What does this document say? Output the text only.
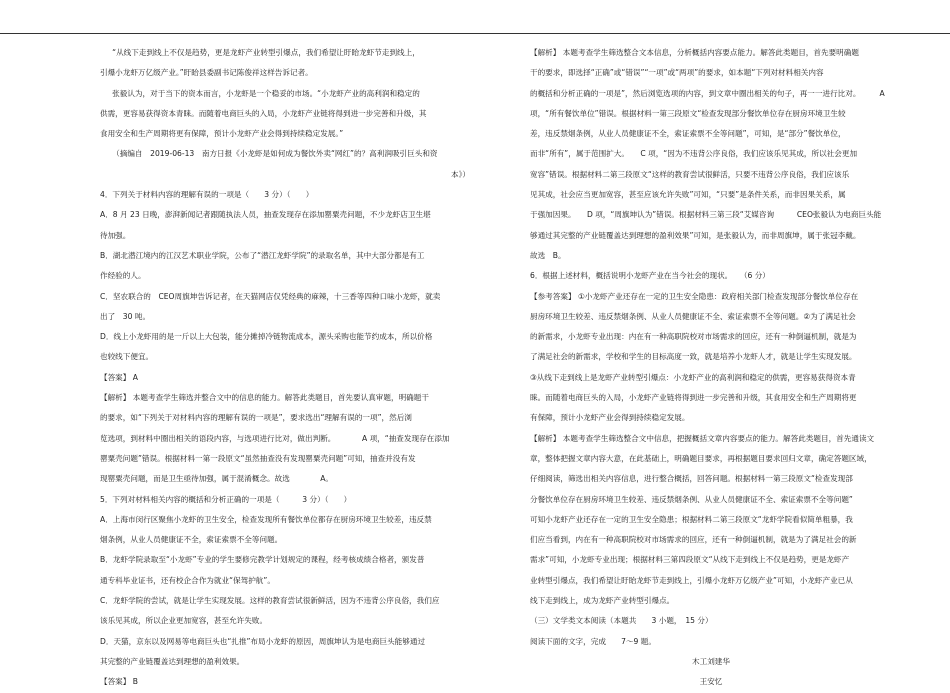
“从线下走到线上不仅是趋势，更是龙虾产业转型引爆点，我们希望让盱眙龙虾节走到线上，

引爆小龙虾万亿级产业。”盱眙县委副书记陈俊祥这样告诉记者。

张毅认为，对于当下的资本而言，小龙虾是一个稳妥的市场。“小龙虾产业的高利润和稳定的

供需，更容易获得资本青睐。而随着电商巨头的入局，小龙虾产业链将得到进一步完善和升级，其

食用安全和生产周期将更有保障，预计小龙虾产业会得到持续稳定发展。”

（摘编自　2019-06-13　南方日报《小龙虾是如何成为餐饮外卖“网红”的？高利润吸引巨头和资

本》）

4．下列关于材料内容的理解有误的一项是（　　3 分）（　　）

A．8 月 23 日晚，澎湃新闻记者跟随执法人员，抽查发现存在添加罂粟壳问题，不少龙虾店卫生堪

待加强。

B．湖北潜江境内的江汉艺术职业学院，公布了“潜江龙虾学院”的录取名单，其中大部分都是有工

作经验的人。

C．坚农联合的　CEO周旗坤告诉记者，在天猫网店仅凭经典的麻辣，十三香等四种口味小龙虾，就卖

出了　30 吨。

D．线上小龙虾用的是一斤以上大包装，能分摊掉冷链物流成本，源头采购也能节约成本，所以价格

也较线下便宜。

【答案】 A

【解析】 本题考查学生筛选并整合文中的信息的能力。解答此类题目，首先要认真审题，明确题干

的要求，如“下列关于对材料内容的理解有误的一项是”，要求选出“理解有误的一项”，然后浏

览选项，到材料中圈出相关的语段内容，与选项进行比对，做出判断。　　　　A 项，“抽查发现存在添加

罂粟壳问题”错误。根据材料一第一段原文“虽然抽查没有发现罂粟壳问题”可知，抽查并没有发

现罂粟壳问题，而是卫生亟待加强，属于混淆概念。故选　　　　A。

5．下列对材料相关内容的概括和分析正确的一项是（　　　3 分）（　　）

A．上海市闵行区聚焦小龙虾的卫生安全，检查发现所有餐饮单位都存在厨房环境卫生较差，违反禁

烟条例，从业人员健康证不全，索证索票不全等问题。

B．龙虾学院录取至“小龙虾”专业的学生要修完教学计划规定的课程，经考核成绩合格者，颁发普

通专科毕业证书，还有校企合作为就业“保驾护航”。

C．龙虾学院的尝试，就是让学生实现发展。这样的教育尝试很新鲜活，因为不违背公序良俗，我们应

该乐见其成，所以企业更加宽容，甚至允许失败。

D．天猫，京东以及网易等电商巨头也“扎推”布局小龙虾的原因，周旗坤认为是电商巨头能够通过

其完整的产业链覆盖达到理想的盈利效果。

【答案】 B

【解析】 本题考查学生筛选整合文本信息，分析概括内容要点能力。解答此类题目，首先要明确题

干的要求，即选择“正确”或“错误”“一项”或“两项”的要求，如本题“下列对材料相关内容

的概括和分析正确的一项是”，然后浏览选项的内容，到文章中圈出相关的句子，再一一进行比对。　　　A

项，“所有餐饮单位”错误。根据材料一第三段原文“检查发现部分餐饮单位存在厨房环境卫生较

差，违反禁烟条例，从业人员健康证不全，索证索票不全等问题”，可知，是“部分”餐饮单位，

而非“所有”，属于范围扩大。　　C 项，“因为不违背公序良俗，我们应该乐见其成，所以社会更加

宽容”错误。根据材料二第三段原文“这样的教育尝试很鲜活，只要不违背公序良俗，我们应该乐

见其成，社会应当更加宽容，甚至应该允许失败”可知，“只要”是条件关系，而非因果关系，属

于强加因果。　　D 项，“周旗坤认为”错误。根据材料三第三段“艾媒咨询　　　CEO张毅认为电商巨头能

够通过其完整的产业链覆盖达到理想的盈利效果”可知，是张毅认为，而非周旗坤，属于张冠李戴。

故选　B。

6．根据上述材料，概括说明小龙虾产业在当今社会的现状。　　（6 分）

【参考答案】 ①小龙虾产业还存在一定的卫生安全隐患：政府相关部门检查发现部分餐饮单位存在

厨房环境卫生较差、违反禁烟条例、从业人员健康证不全、索证索票不全等问题。②为了满足社会

的新需求，小龙虾专业出现：内在有一种高职院校对市场需求的回应，还有一种倒逼机制，就是为

了满足社会的新需求，学校和学生的目标高度一致，就是培养小龙虾人才，就是让学生实现发展。

③从线下走到线上是龙虾产业转型引爆点：小龙虾产业的高利润和稳定的供需，更容易获得资本青

睐。而随着电商巨头的入局，小龙虾产业链将得到进一步完善和升级，其食用安全和生产周期将更

有保障，预计小龙虾产业会得到持续稳定发展。

【解析】 本题考查学生筛选整合文中信息，把握概括文章内容要点的能力。解答此类题目，首先通读文

章，整体把握文章内容大意，在此基础上，明确题目要求，再根据题目要求回归文章，确定答题区域，

仔细阅读，筛选出相关内容信息，进行整合概括，回答问题。根据材料一第三段原文“检查发现部

分餐饮单位存在厨房环境卫生较差、违反禁烟条例、从业人员健康证不全、索证索票不全等问题”

可知小龙虾产业还存在一定的卫生安全隐患；根据材料二第三段原文“龙虾学院看似简单粗暴，我

们应当看到，内在有一种高职院校对市场需求的回应，还有一种倒逼机制，就是为了满足社会的新

需求”可知，小龙虾专业出现；根据材料三第四段原文“从线下走到线上不仅是趋势，更是龙虾产

业转型引爆点，我们希望让盱眙龙虾节走到线上，引爆小龙虾万亿级产业”可知，小龙虾产业已从

线下走到线上，成为龙虾产业转型引爆点。

（三）文学类文本阅读（本题共　　3 小题，　15 分）

阅读下面的文字，完成　　7～9 题。

木工刘建华

王安忆
